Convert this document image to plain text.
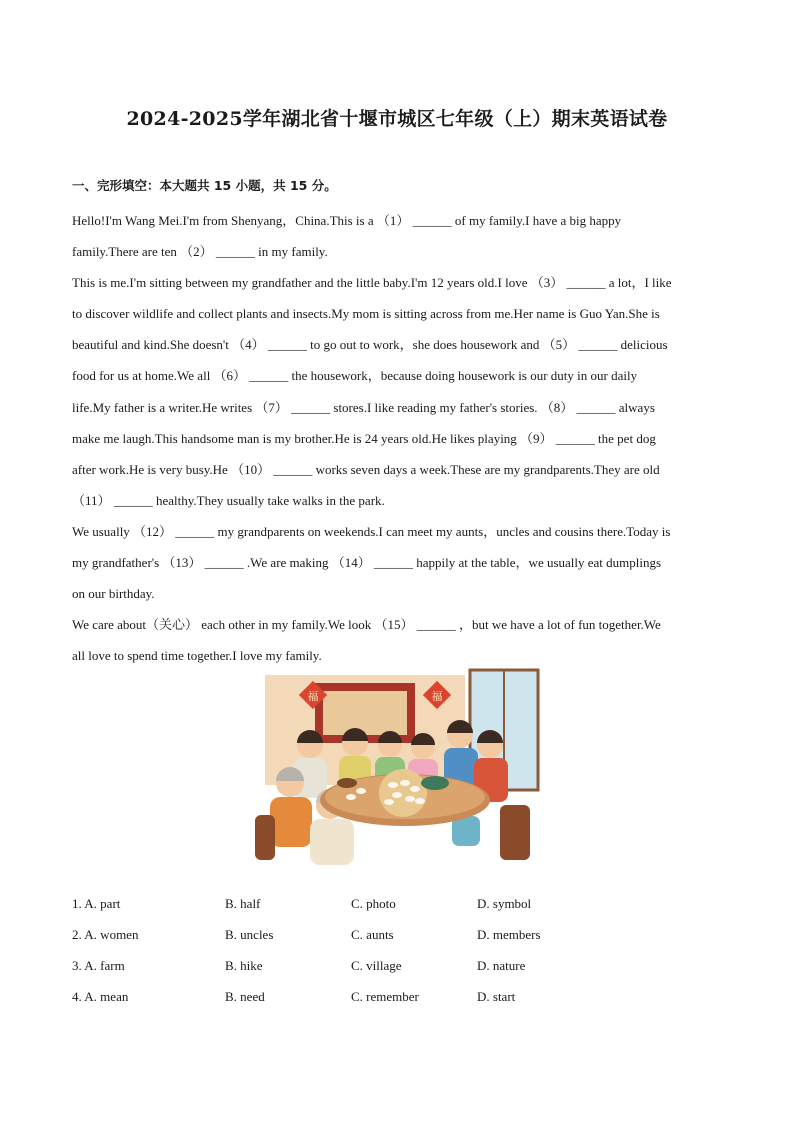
2024-2025学年湖北省十堰市城区七年级（上）期末英语试卷
一、完形填空：本大题共 15 小题，共 15 分。
Hello!I'm Wang Mei.I'm from Shenyang，China.This is a （1） ______ of my family.I have a big happy
family.There are ten （2） ______ in my family.
This is me.I'm sitting between my grandfather and the little baby.I'm 12 years old.I love （3） ______ a lot，I like
to discover wildlife and collect plants and insects.My mom is sitting across from me.Her name is Guo Yan.She is
beautiful and kind.She doesn't （4） ______ to go out to work，she does housework and （5） ______ delicious
food for us at home.We all （6） ______ the housework，because doing housework is our duty in our daily
life.My father is a writer.He writes （7） ______ stores.I like reading my father's stories. （8） ______ always
make me laugh.This handsome man is my brother.He is 24 years old.He likes playing （9） ______ the pet dog
after work.He is very busy.He （10） ______ works seven days a week.These are my grandparents.They are old
（11） ______ healthy.They usually take walks in the park.
We usually （12） ______ my grandparents on weekends.I can meet my aunts，uncles and cousins there.Today is
my grandfather's （13） ______ .We are making （14） ______ happily at the table，we usually eat dumplings
on our birthday.
We care about（关心） each other in my family.We look （15） ______ ，but we have a lot of fun together.We
all love to spend time together.I love my family.
福	福
1. A. part	B. half	C. photo	D. symbol
2. A. women	B. uncles	C. aunts	D. members
3. A. farm	B. hike	C. village	D. nature
4. A. mean	B. need	C. remember	D. start
